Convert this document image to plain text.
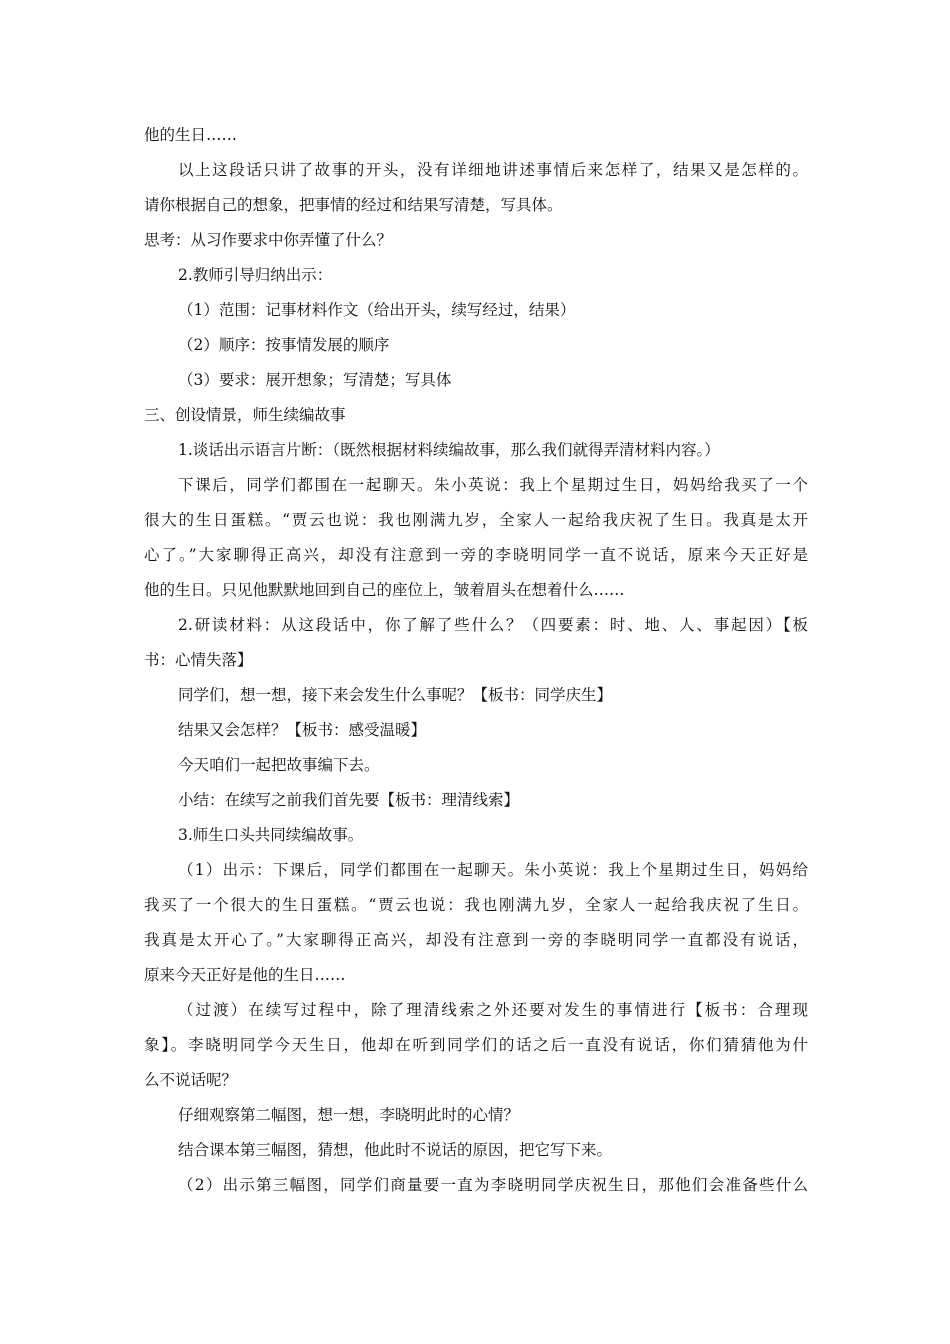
他的生日……
以上这段话只讲了故事的开头，没有详细地讲述事情后来怎样了，结果又是怎样的。
请你根据自己的想象，把事情的经过和结果写清楚，写具体。
思考：从习作要求中你弄懂了什么？
2.教师引导归纳出示：
（1）范围：记事材料作文（给出开头，续写经过，结果）
（2）顺序：按事情发展的顺序
（3）要求：展开想象；写清楚；写具体
三、创设情景，师生续编故事
1.谈话出示语言片断：（既然根据材料续编故事，那么我们就得弄清材料内容。）
下课后，同学们都围在一起聊天。朱小英说：我上个星期过生日，妈妈给我买了一个
很大的生日蛋糕。“贾云也说：我也刚满九岁，全家人一起给我庆祝了生日。我真是太开
心了。”大家聊得正高兴，却没有注意到一旁的李晓明同学一直不说话，原来今天正好是
他的生日。只见他默默地回到自己的座位上，皱着眉头在想着什么……
2.研读材料：从这段话中，你了解了些什么？（四要素：时、地、人、事起因）【板
书：心情失落】
同学们，想一想，接下来会发生什么事呢？【板书：同学庆生】
结果又会怎样？【板书：感受温暖】
今天咱们一起把故事编下去。
小结：在续写之前我们首先要【板书：理清线索】
3.师生口头共同续编故事。
（1）出示：下课后，同学们都围在一起聊天。朱小英说：我上个星期过生日，妈妈给
我买了一个很大的生日蛋糕。“贾云也说：我也刚满九岁，全家人一起给我庆祝了生日。
我真是太开心了。”大家聊得正高兴，却没有注意到一旁的李晓明同学一直都没有说话，
原来今天正好是他的生日……
（过渡）在续写过程中，除了理清线索之外还要对发生的事情进行【板书：合理现
象】。李晓明同学今天生日，他却在听到同学们的话之后一直没有说话，你们猜猜他为什
么不说话呢？
仔细观察第二幅图，想一想，李晓明此时的心情？
结合课本第三幅图，猜想，他此时不说话的原因，把它写下来。
（2）出示第三幅图，同学们商量要一直为李晓明同学庆祝生日，那他们会准备些什么
